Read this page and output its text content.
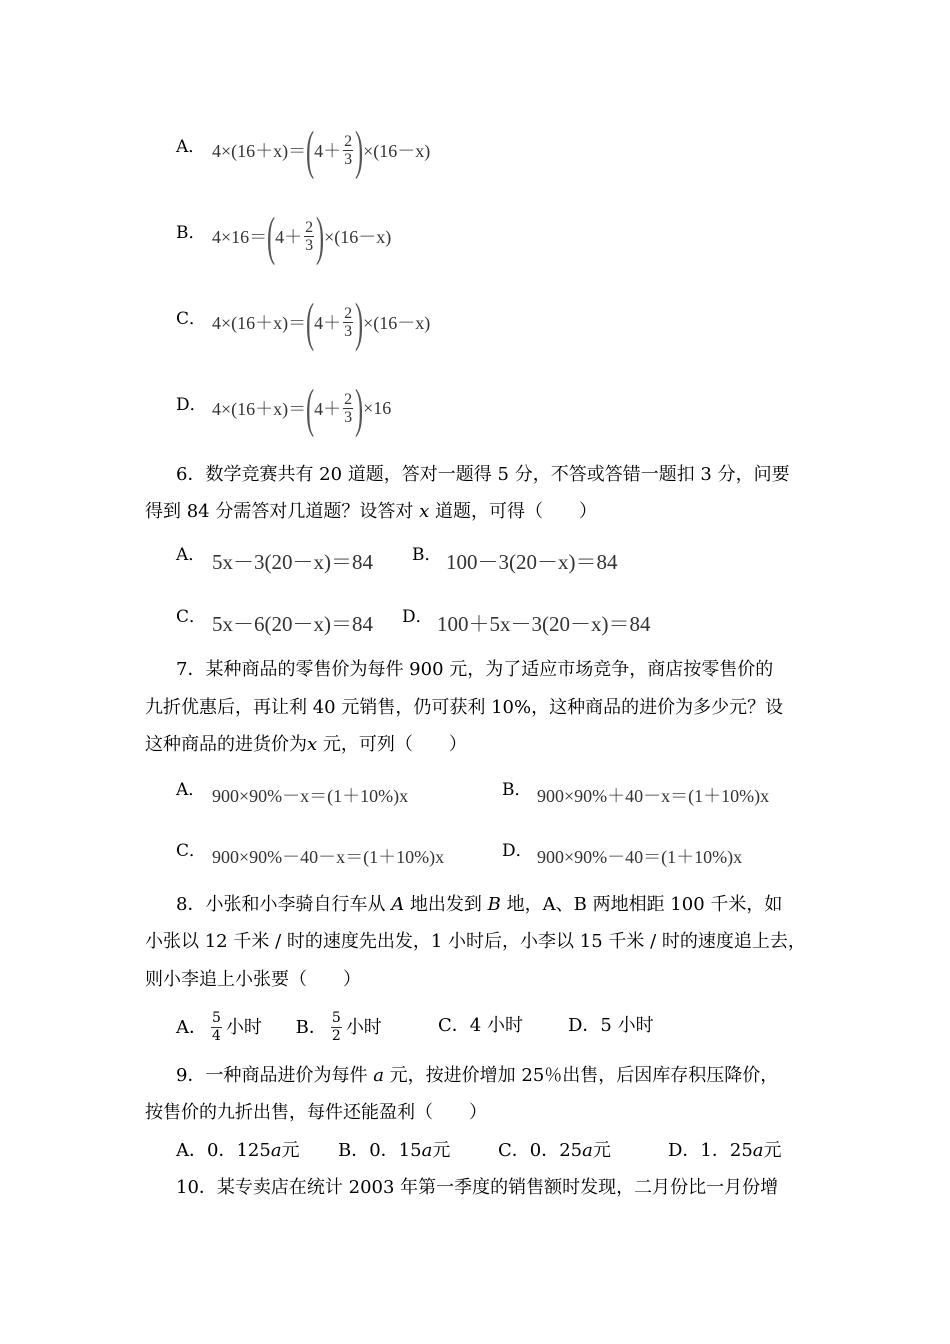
A． 4×(16＋x)＝ ( $4+ \frac{2}{3}$ ) ×(16－x)
B． 4×16＝ ( $4+ \frac{2}{3}$ ) ×(16－x)
C． 4×(16＋x)＝ ( $4+ \frac{2}{3}$ ) ×(16－x)
D． 4×(16＋x)＝ ( $4+ \frac{2}{3}$ ) ×16
6．数学竞赛共有 20 道题，答对一题得 5 分，不答或答错一题扣 3 分，问要
得到 84 分需答对几道题？设答对 x 道题，可得（　　）
A． 5x－3(20－x)＝84 B． 100－3(20－x)＝84
C． 5x－6(20－x)＝84 D． 100＋5x－3(20－x)＝84
7．某种商品的零售价为每件 900 元，为了适应市场竞争，商店按零售价的
九折优惠后，再让利 40 元销售，仍可获利 10%，这种商品的进价为多少元？设
这种商品的进货价为x 元，可列（　　）
A． 900×90%－x＝(1＋10%)x	B． 900×90%＋40－x＝(1＋10%)x
C． 900×90%－40－x＝(1＋10%)x	D． 900×90%－40＝(1＋10%)x
8．小张和小李骑自行车从 A 地出发到 B 地，A、B 两地相距 100 千米，如
小张以 12 千米 / 时的速度先出发，1 小时后，小李以 15 千米 / 时的速度追上去，
则小李追上小张要（　　）
A． $\frac{5}{4}$ 小时 B． $\frac{5}{2}$ 小时	C．4 小时	D．5 小时
9．一种商品进价为每件 a 元，按进价增加 25％出售，后因库存积压降价，
按售价的九折出售，每件还能盈利（　　）
A．0．125a元 B．0．15a元	C．0．25a元	D．1．25a元
10．某专卖店在统计 2003 年第一季度的销售额时发现，二月份比一月份增
